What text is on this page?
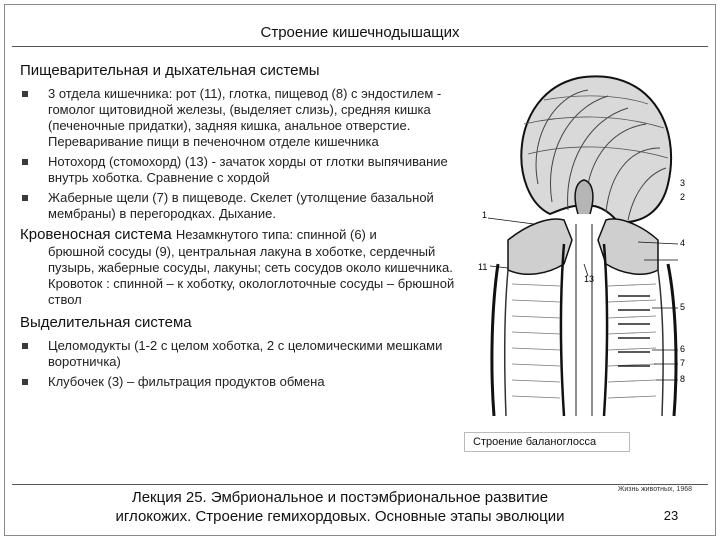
Строение кишечнодышащих
Пищеварительная и дыхательная системы
3 отдела кишечника: рот (11), глотка, пищевод (8) с эндостилем - гомолог щитовидной железы, (выделяет слизь), средняя кишка (печеночные придатки), задняя кишка, анальное отверстие. Переваривание пищи в печеночном отделе кишечника
Нотохорд (стомохорд) (13) - зачаток хорды от глотки выпячивание внутрь хоботка. Сравнение с хордой
Жаберные щели (7) в пищеводе. Скелет (утолщение базальной мембраны) в перегородках. Дыхание.
Кровеносная система Незамкнутого типа: спинной (6) и
брюшной сосуды (9), центральная лакуна в хоботке, сердечный пузырь, жаберные сосуды, лакуны; сеть сосудов около кишечника. Кровоток : спинной – к хоботку, окологлоточные сосуды – брюшной ствол
Выделительная система
Целомодукты (1-2 с целом хоботка, 2 с целомическими мешками воротничка)
Клубочек (3) – фильтрация продуктов обмена
1
2
3
4
5
6
7
8
11
13
Жизнь животных, 1968
Строение баланоглосса
Лекция 25. Эмбриональное и постэмбриональное развитие
иглокожих. Строение гемихордовых. Основные этапы эволюции	23
